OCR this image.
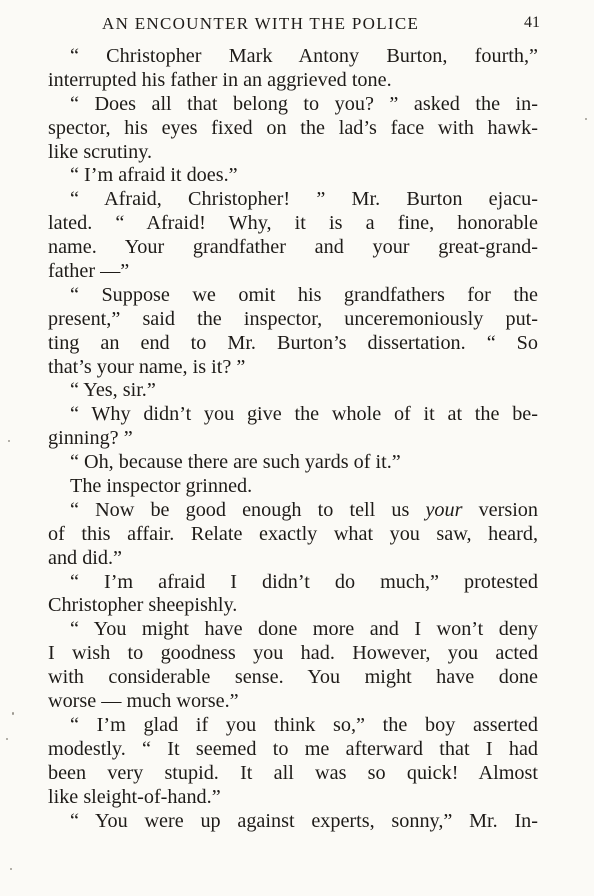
AN ENCOUNTER WITH THE POLICE	41
“ Christopher Mark Antony Burton, fourth,”
interrupted his father in an aggrieved tone.
“ Does all that belong to you? ” asked the in-
spector, his eyes fixed on the lad’s face with hawk-
like scrutiny.
“ I’m afraid it does.”
“ Afraid, Christopher! ” Mr. Burton ejacu-
lated. “ Afraid! Why, it is a fine, honorable
name. Your grandfather and your great-grand-
father —”
“ Suppose we omit his grandfathers for the
present,” said the inspector, unceremoniously put-
ting an end to Mr. Burton’s dissertation. “ So
that’s your name, is it? ”
“ Yes, sir.”
“ Why didn’t you give the whole of it at the be-
ginning? ”
“ Oh, because there are such yards of it.”
The inspector grinned.
“ Now be good enough to tell us your version
of this affair. Relate exactly what you saw, heard,
and did.”
“ I’m afraid I didn’t do much,” protested
Christopher sheepishly.
“ You might have done more and I won’t deny
I wish to goodness you had. However, you acted
with considerable sense. You might have done
worse — much worse.”
“ I’m glad if you think so,” the boy asserted
modestly. “ It seemed to me afterward that I had
been very stupid. It all was so quick! Almost
like sleight-of-hand.”
“ You were up against experts, sonny,” Mr. In-
